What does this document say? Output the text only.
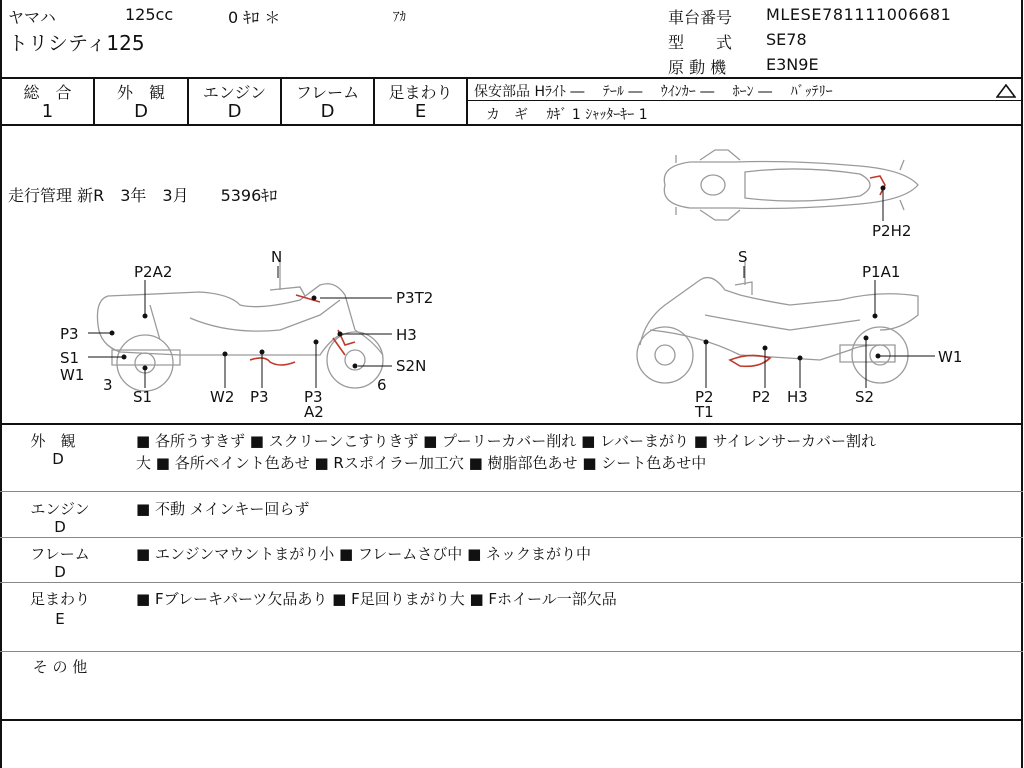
ヤマハ	125cc	0 ｷﾛ ＊	ｱｶ
トリシティ125
車台番号 MLESE781111006681
型　　式 SE78
原 動 機 E3N9E
総　合
1
外　観
D
エンジン
D
フレーム
D
足まわり
E
保安部品 Hﾗｲﾄ ―　 ﾃｰﾙ ―　 ｳｲﾝｶｰ ―　 ﾎｰﾝ ―　 ﾊﾞｯﾃﾘｰ
カ　ギ　 ｶｷﾞ 1 ｼｬｯﾀｰｷｰ 1
走行管理 新R　3年　3月　　5396ｷﾛ
P2H2
N
P2A2
P3T2
P3	H3
S1
W1	S2N
3	6
S1	W2 P3 P3
A2
S
P1A1
W1
P2
T1
P2 H3	S2
外　観
D
■ 各所うすきず ■ スクリーンこすりきず ■ プーリーカバー削れ ■ レバーまがり ■ サイレンサーカバー割れ
大 ■ 各所ペイント色あせ ■ Rスポイラー加工穴 ■ 樹脂部色あせ ■ シート色あせ中
エンジン
D
■ 不動 メインキー回らず
フレーム
D
■ エンジンマウントまがり小 ■ フレームさび中 ■ ネックまがり中
足まわり
E
■ Fブレーキパーツ欠品あり ■ F足回りまがり大 ■ Fホイール一部欠品
そ の 他
